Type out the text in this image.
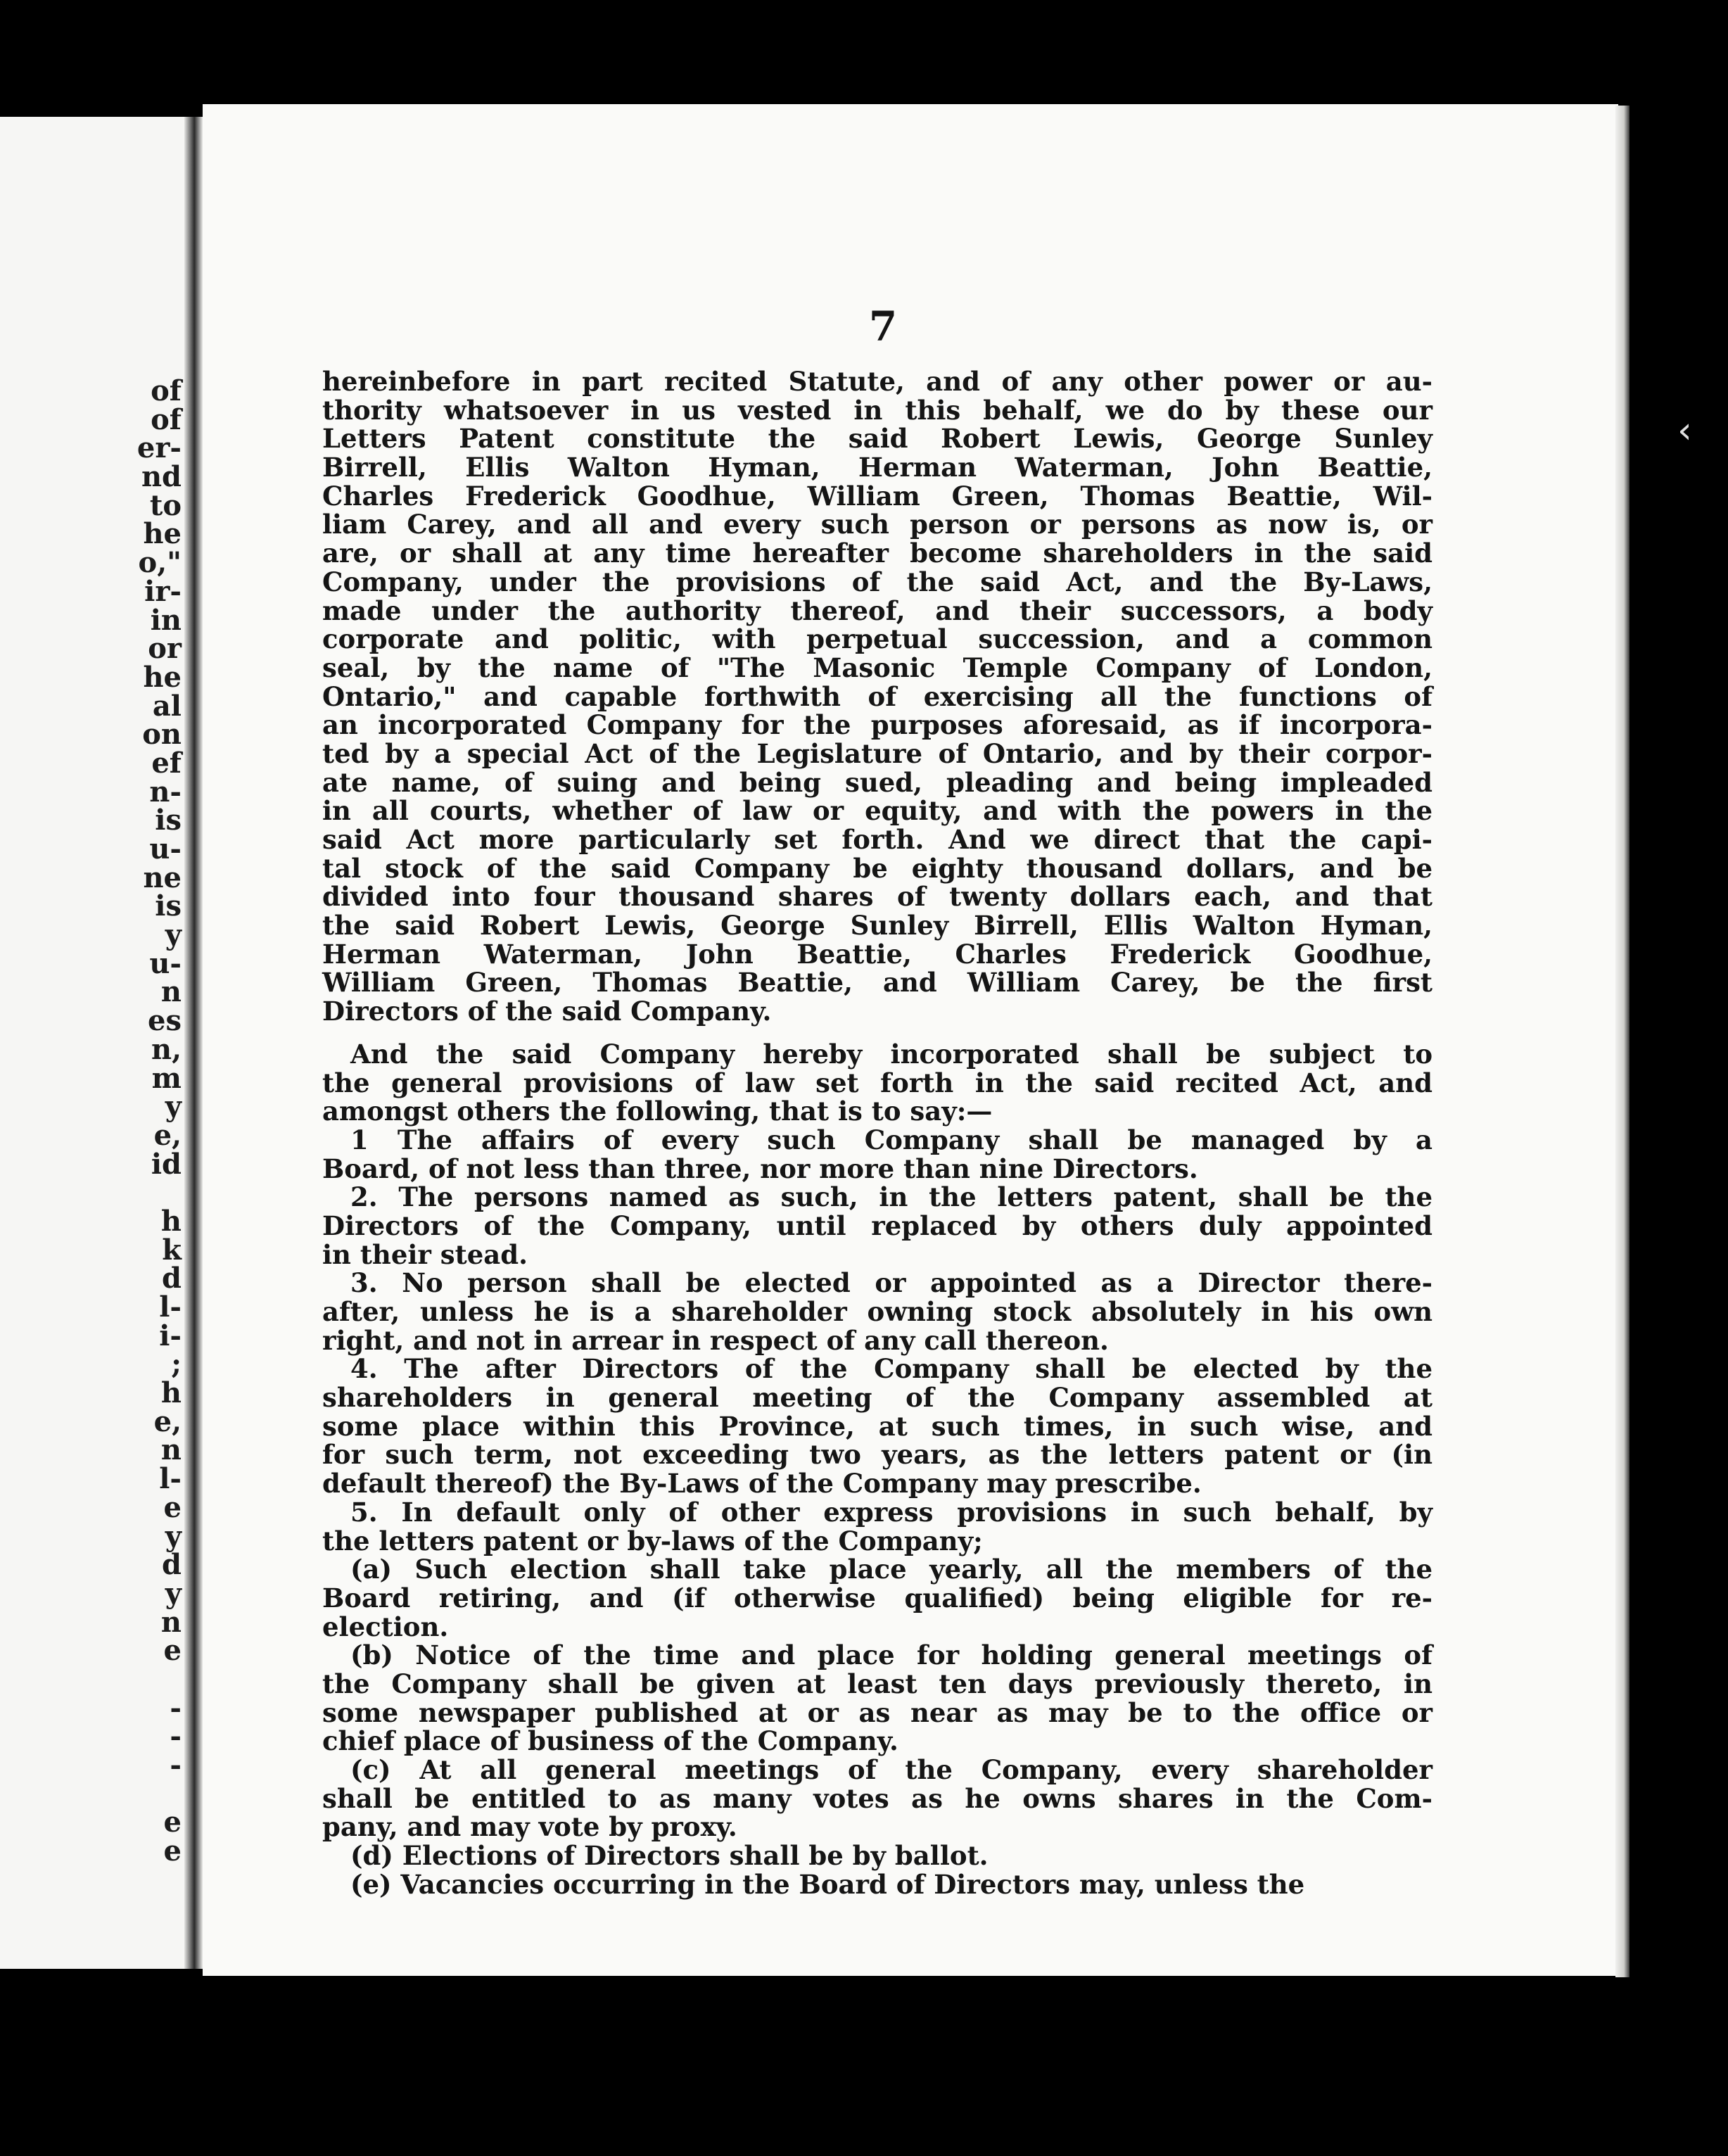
of
of
er-
nd
to
he
o,"
ir-
in
or
he
al
on
ef
n-
is
u-
ne
is
y
u-
n
es
n,
m
y
e,
id
h
k
d
l-
i-
;
h
e,
n
l-
e
y
d
y
n
e
-
-
-
e
e
7
hereinbefore in part recited Statute, and of any other power or au-
thority whatsoever in us vested in this behalf, we do by these our
Letters Patent constitute the said Robert Lewis, George Sunley
Birrell, Ellis Walton Hyman, Herman Waterman, John Beattie,
Charles Frederick Goodhue, William Green, Thomas Beattie, Wil-
liam Carey, and all and every such person or persons as now is, or
are, or shall at any time hereafter become shareholders in the said
Company, under the provisions of the said Act, and the By-Laws,
made under the authority thereof, and their successors, a body
corporate and politic, with perpetual succession, and a common
seal, by the name of "The Masonic Temple Company of London,
Ontario," and capable forthwith of exercising all the functions of
an incorporated Company for the purposes aforesaid, as if incorpora-
ted by a special Act of the Legislature of Ontario, and by their corpor-
ate name, of suing and being sued, pleading and being impleaded
in all courts, whether of law or equity, and with the powers in the
said Act more particularly set forth. And we direct that the capi-
tal stock of the said Company be eighty thousand dollars, and be
divided into four thousand shares of twenty dollars each, and that
the said Robert Lewis, George Sunley Birrell, Ellis Walton Hyman,
Herman Waterman, John Beattie, Charles Frederick Goodhue,
William Green, Thomas Beattie, and William Carey, be the first
Directors of the said Company.
And the said Company hereby incorporated shall be subject to
the general provisions of law set forth in the said recited Act, and
amongst others the following, that is to say:—
1 The affairs of every such Company shall be managed by a
Board, of not less than three, nor more than nine Directors.
2. The persons named as such, in the letters patent, shall be the
Directors of the Company, until replaced by others duly appointed
in their stead.
3. No person shall be elected or appointed as a Director there-
after, unless he is a shareholder owning stock absolutely in his own
right, and not in arrear in respect of any call thereon.
4. The after Directors of the Company shall be elected by the
shareholders in general meeting of the Company assembled at
some place within this Province, at such times, in such wise, and
for such term, not exceeding two years, as the letters patent or (in
default thereof) the By-Laws of the Company may prescribe.
5. In default only of other express provisions in such behalf, by
the letters patent or by-laws of the Company;
(a) Such election shall take place yearly, all the members of the
Board retiring, and (if otherwise qualified) being eligible for re-
election.
(b) Notice of the time and place for holding general meetings of
the Company shall be given at least ten days previously thereto, in
some newspaper published at or as near as may be to the office or
chief place of business of the Company.
(c) At all general meetings of the Company, every shareholder
shall be entitled to as many votes as he owns shares in the Com-
pany, and may vote by proxy.
(d) Elections of Directors shall be by ballot.
(e) Vacancies occurring in the Board of Directors may, unless the
‹
